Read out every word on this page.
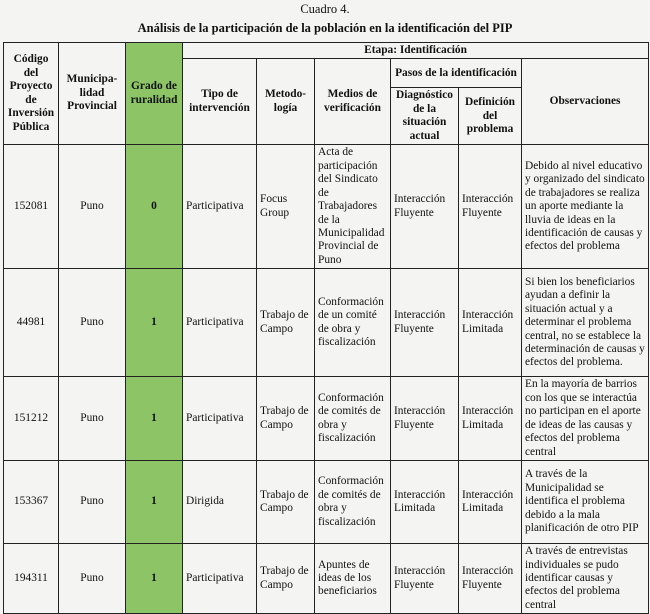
Cuadro 4.
Análisis de la participación de la población en la identificación del PIP
Código del Proyecto de Inversión Pública	Municipa-lidad Provincial	Grado de ruralidad	Etapa: Identificación					
			Tipo de intervención	Metodo-logía	Medios de verificación	Pasos de la identificación		Observaciones
						Diagnóstico de la situación actual	Definición del problema	
152081	Puno	0	Participativa	Focus Group	Acta de participación del Sindicato de Trabajadores de la Municipalidad Provincial de Puno	Interacción Fluyente	Interacción Fluyente	Debido al nivel educativo y organizado del sindicato de trabajadores se realiza un aporte mediante la lluvia de ideas en la identificación de causas y efectos del problema
44981	Puno	1	Participativa	Trabajo de Campo	Conformación de un comité de obra y fiscalización	Interacción Fluyente	Interacción Limitada	Si bien los beneficiarios ayudan a definir la situación actual y a determinar el problema central, no se establece la determinación de causas y efectos del problema.
151212	Puno	1	Participativa	Trabajo de Campo	Conformación de comités de obra y fiscalización	Interacción Fluyente	Interacción Limitada	En la mayoría de barrios con los que se interactúa no participan en el aporte de ideas de las causas y efectos del problema central
153367	Puno	1	Dirigida	Trabajo de Campo	Conformación de comités de obra y fiscalización	Interacción Limitada	Interacción Limitada	A través de la Municipalidad se identifica el problema debido a la mala planificación de otro PIP
194311	Puno	1	Participativa	Trabajo de Campo	Apuntes de ideas de los beneficiarios	Interacción Fluyente	Interacción Fluyente	A través de entrevistas individuales se pudo identificar causas y efectos del problema central
